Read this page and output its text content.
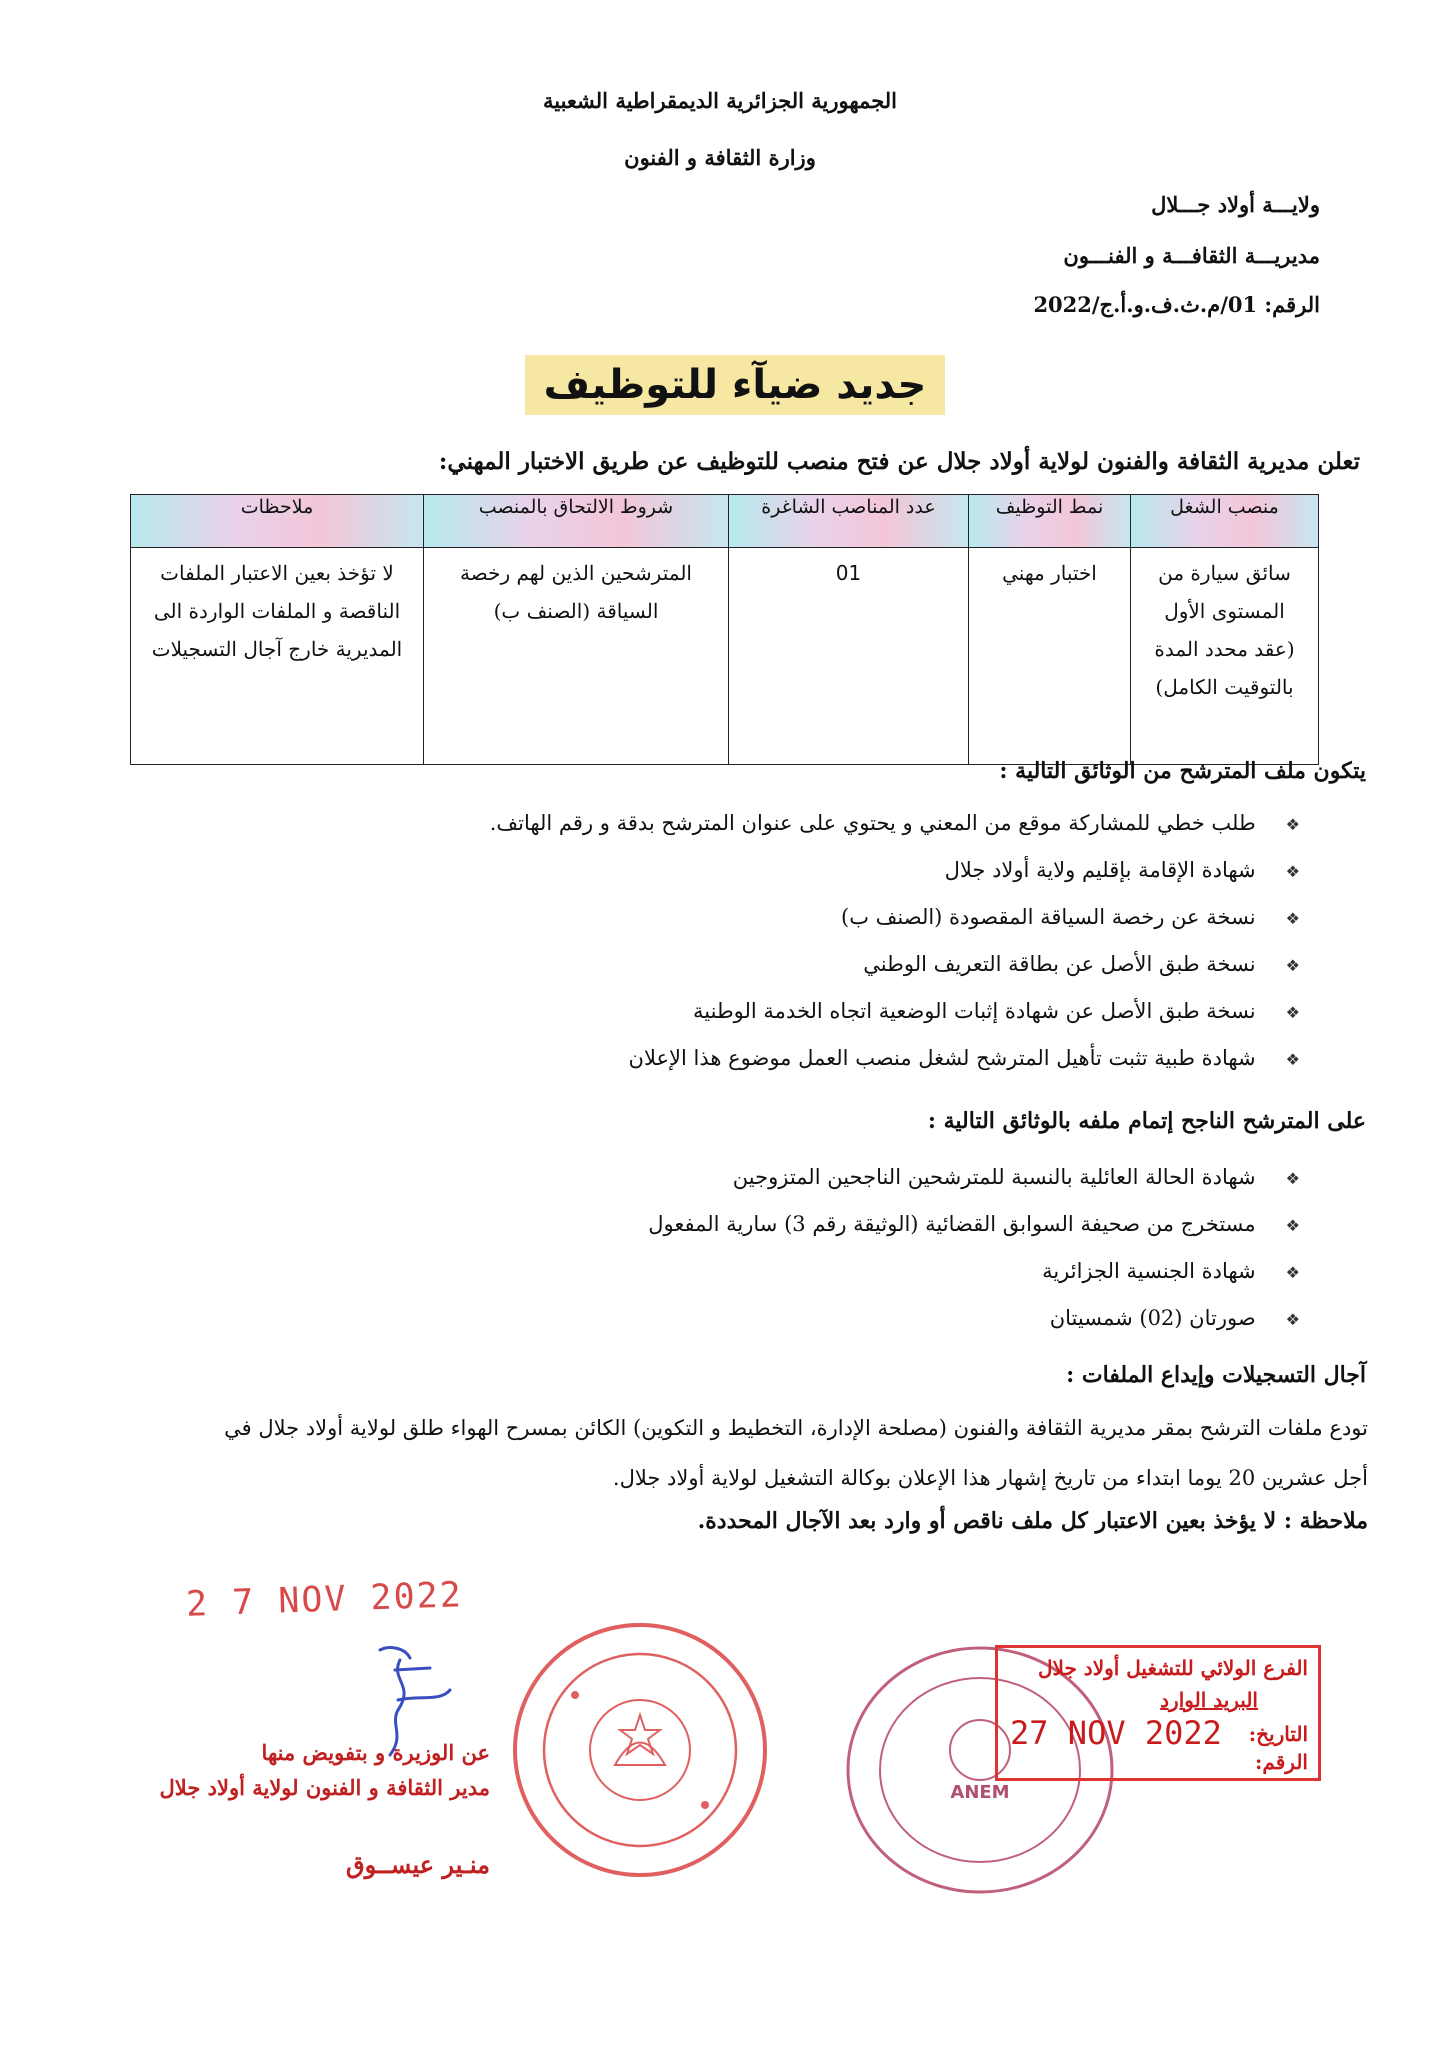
الجمهورية الجزائرية الديمقراطية الشعبية
وزارة الثقافة و الفنون
ولايـــة أولاد جـــلال
مديريـــة الثقافـــة و الفنـــون
الرقم: 01/م.ث.ف.و.أ.ج/2022
جديد ضيآء للتوظيف
تعلن مديرية الثقافة والفنون لولاية أولاد جلال عن فتح منصب للتوظيف عن طريق الاختبار المهني:
منصب الشغل	نمط التوظيف	عدد المناصب الشاغرة	شروط الالتحاق بالمنصب	ملاحظات
سائق سيارة من المستوى الأول (عقد محدد المدة بالتوقيت الكامل)	اختبار مهني	01	المترشحين الذين لهم رخصة السياقة (الصنف ب)	لا تؤخذ بعين الاعتبار الملفات الناقصة و الملفات الواردة الى المديرية خارج آجال التسجيلات
يتكون ملف المترشح من الوثائق التالية :
❖طلب خطي للمشاركة موقع من المعني و يحتوي على عنوان المترشح بدقة و رقم الهاتف.
❖شهادة الإقامة بإقليم ولاية أولاد جلال
❖نسخة عن رخصة السياقة المقصودة (الصنف ب)
❖نسخة طبق الأصل عن بطاقة التعريف الوطني
❖نسخة طبق الأصل عن شهادة إثبات الوضعية اتجاه الخدمة الوطنية
❖شهادة طبية تثبت تأهيل المترشح لشغل منصب العمل موضوع هذا الإعلان
على المترشح الناجح إتمام ملفه بالوثائق التالية :
❖شهادة الحالة العائلية بالنسبة للمترشحين الناجحين المتزوجين
❖مستخرج من صحيفة السوابق القضائية (الوثيقة رقم 3) سارية المفعول
❖شهادة الجنسية الجزائرية
❖صورتان (02) شمسيتان
آجال التسجيلات وإيداع الملفات :
تودع ملفات الترشح بمقر مديرية الثقافة والفنون (مصلحة الإدارة، التخطيط و التكوين) الكائن بمسرح الهواء طلق لولاية أولاد جلال في
أجل عشرين 20 يوما ابتداء من تاريخ إشهار هذا الإعلان بوكالة التشغيل لولاية أولاد جلال.
ملاحظة : لا يؤخذ بعين الاعتبار كل ملف ناقص أو وارد بعد الآجال المحددة.
2 7 NOV 2022
عن الوزيرة و بتفويض منها
مدير الثقافة و الفنون لولاية أولاد جلال
منـير عيســوق
ANEM
الفرع الولائي للتشغيل أولاد جلال
البريد الوارد
التاريخ:
27 NOV 2022
الرقم:
